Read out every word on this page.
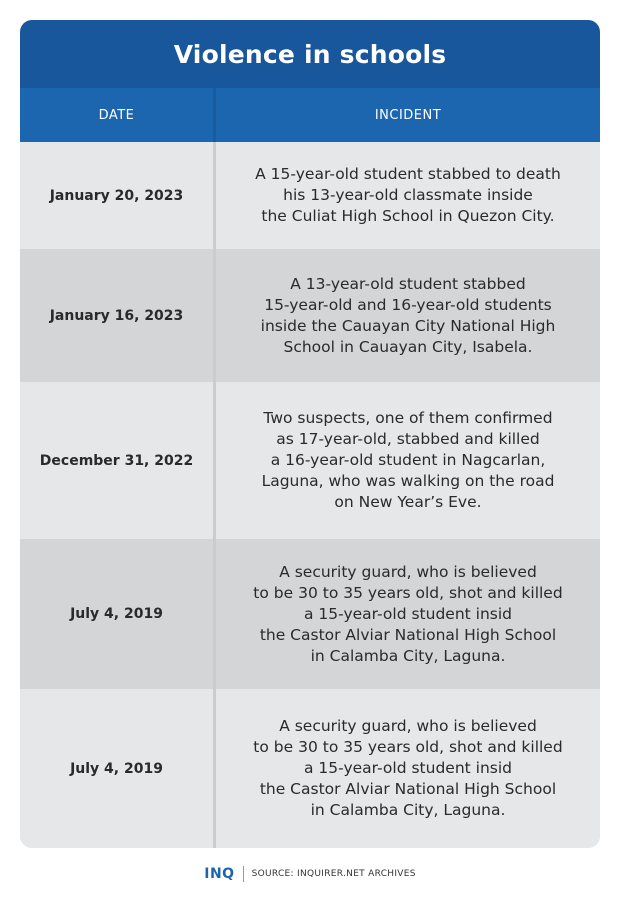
Violence in schools
DATE	INCIDENT
January 20, 2023
A 15-year-old student stabbed to death
his 13-year-old classmate inside
the Culiat High School in Quezon City.
January 16, 2023
A 13-year-old student stabbed
15-year-old and 16-year-old students
inside the Cauayan City National High
School in Cauayan City, Isabela.
December 31, 2022
Two suspects, one of them confirmed
as 17-year-old, stabbed and killed
a 16-year-old student in Nagcarlan,
Laguna, who was walking on the road
on New Year’s Eve.
July 4, 2019
A security guard, who is believed
to be 30 to 35 years old, shot and killed
a 15-year-old student insid
the Castor Alviar National High School
in Calamba City, Laguna.
July 4, 2019
A security guard, who is believed
to be 30 to 35 years old, shot and killed
a 15-year-old student insid
the Castor Alviar National High School
in Calamba City, Laguna.
INQ SOURCE: INQUIRER.NET ARCHIVES
